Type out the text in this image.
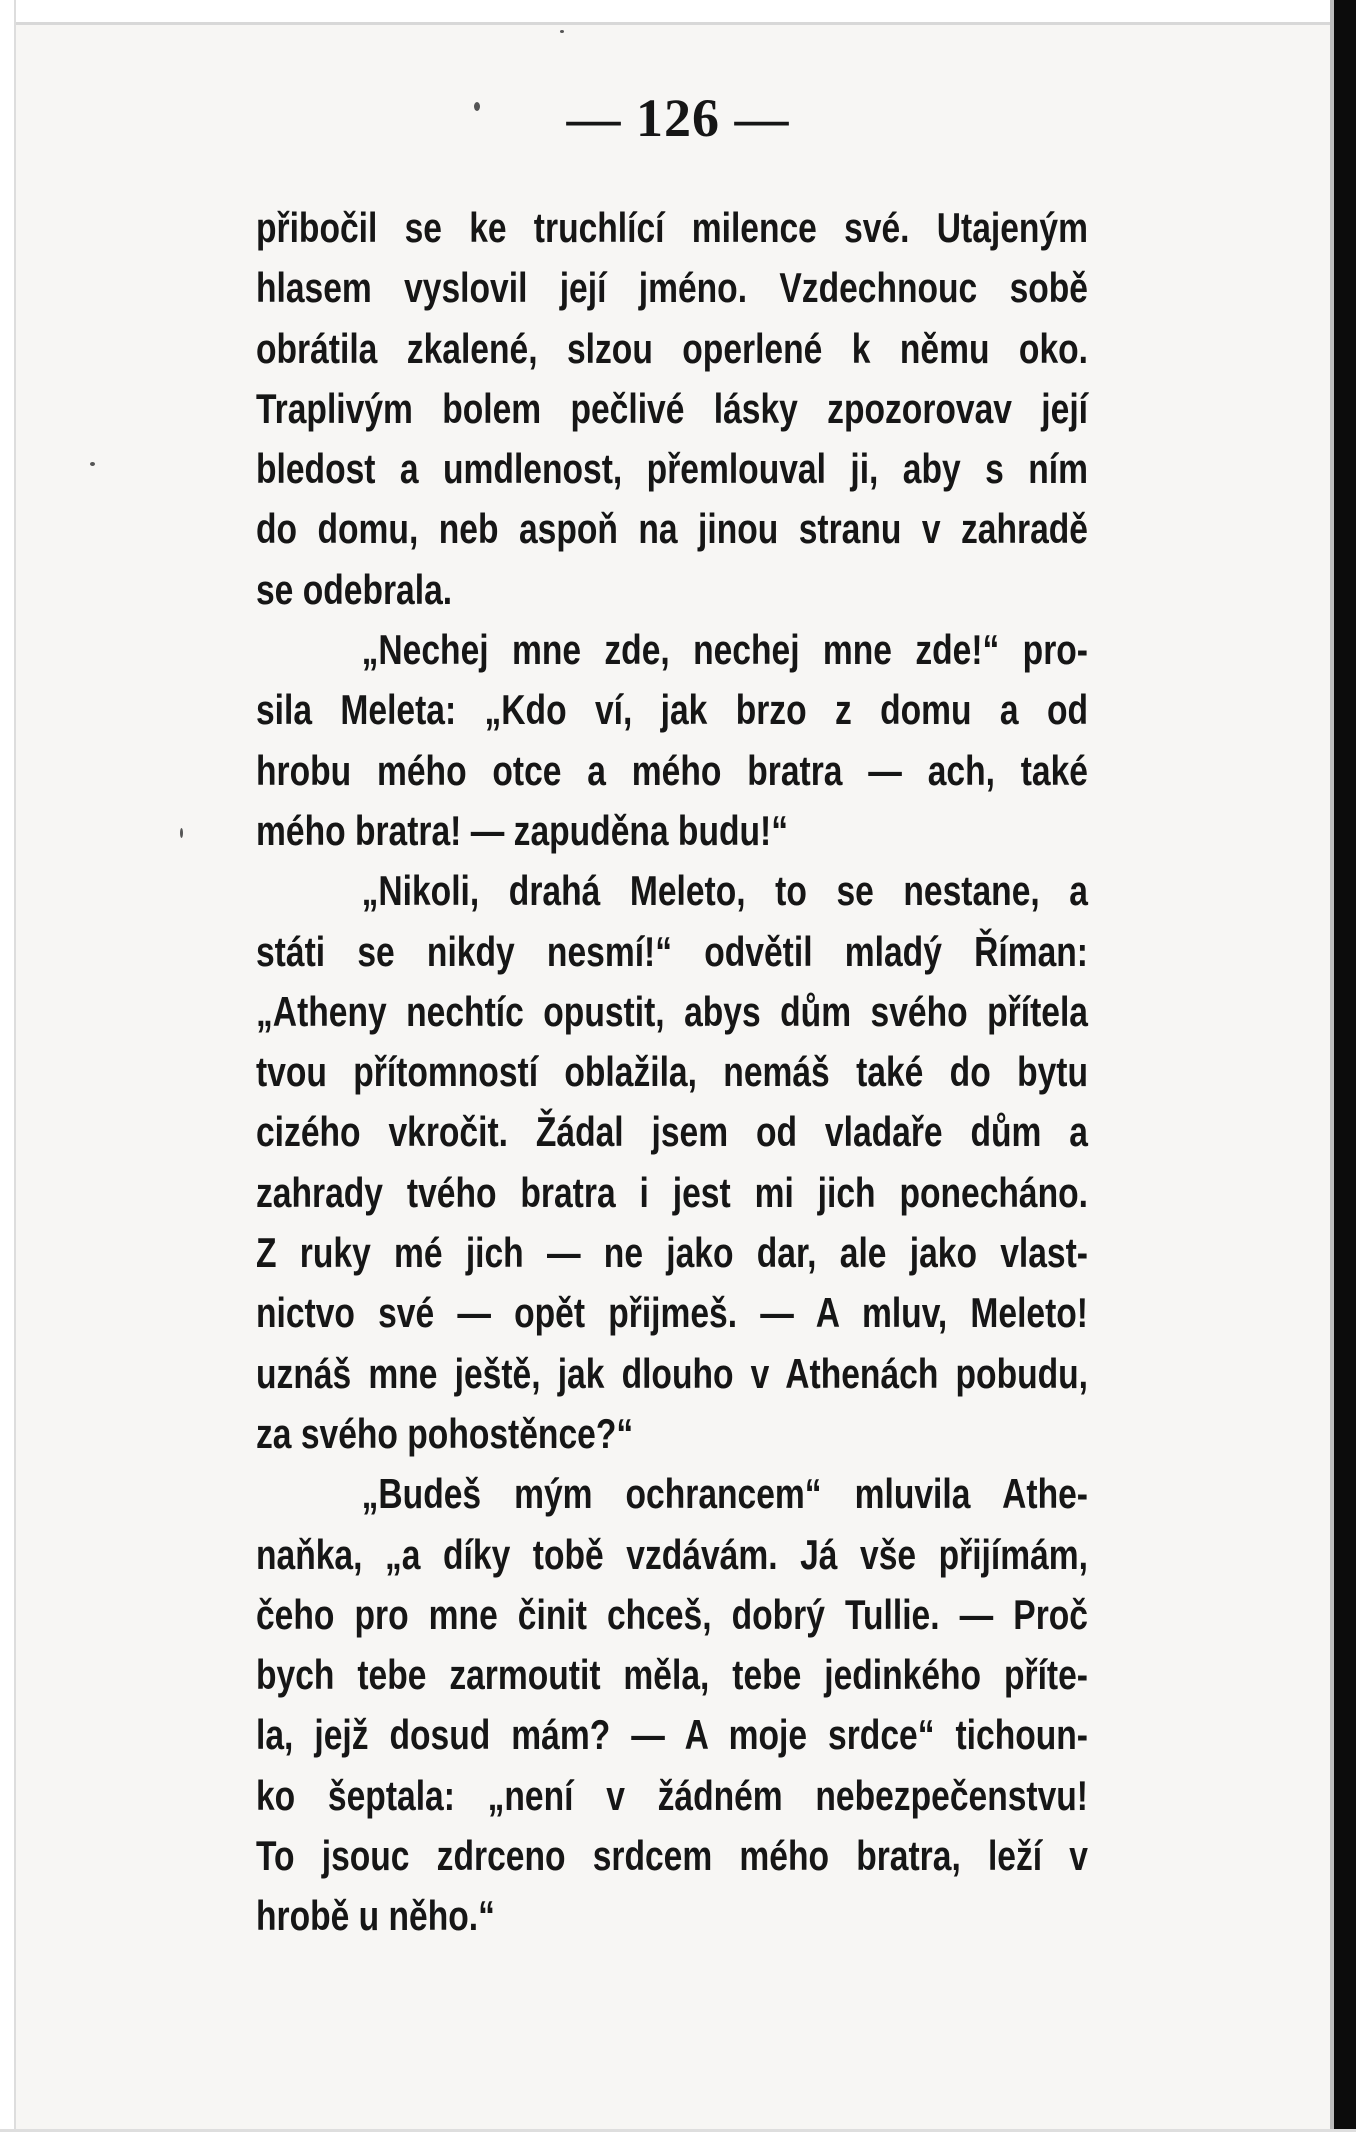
— 126 —
přibočil se ke truchlící milence své. Utajeným
hlasem vyslovil její jméno. Vzdechnouc sobě
obrátila zkalené, slzou operlené k němu oko.
Traplivým bolem pečlivé lásky zpozorovav její
bledost a umdlenost, přemlouval ji, aby s ním
do domu, neb aspoň na jinou stranu v zahradě
se odebrala.
„Nechej mne zde, nechej mne zde!“ pro-
sila Meleta: „Kdo ví, jak brzo z domu a od
hrobu mého otce a mého bratra — ach, také
mého bratra! — zapuděna budu!“
„Nikoli, drahá Meleto, to se nestane, a
státi se nikdy nesmí!“ odvětil mladý Říman:
„Atheny nechtíc opustit, abys dům svého přítela
tvou přítomností oblažila, nemáš také do bytu
cizého vkročit. Žádal jsem od vladaře dům a
zahrady tvého bratra i jest mi jich ponecháno.
Z ruky mé jich — ne jako dar, ale jako vlast-
nictvo své — opět přijmeš. — A mluv, Meleto!
uznáš mne ještě, jak dlouho v Athenách pobudu,
za svého pohostěnce?“
„Budeš mým ochrancem“ mluvila Athe-
naňka, „a díky tobě vzdávám. Já vše přijímám,
čeho pro mne činit chceš, dobrý Tullie. — Proč
bych tebe zarmoutit měla, tebe jedinkého příte-
la, jejž dosud mám? — A moje srdce“ tichoun-
ko šeptala: „není v žádném nebezpečenstvu!
To jsouc zdrceno srdcem mého bratra, leží v
hrobě u něho.“
